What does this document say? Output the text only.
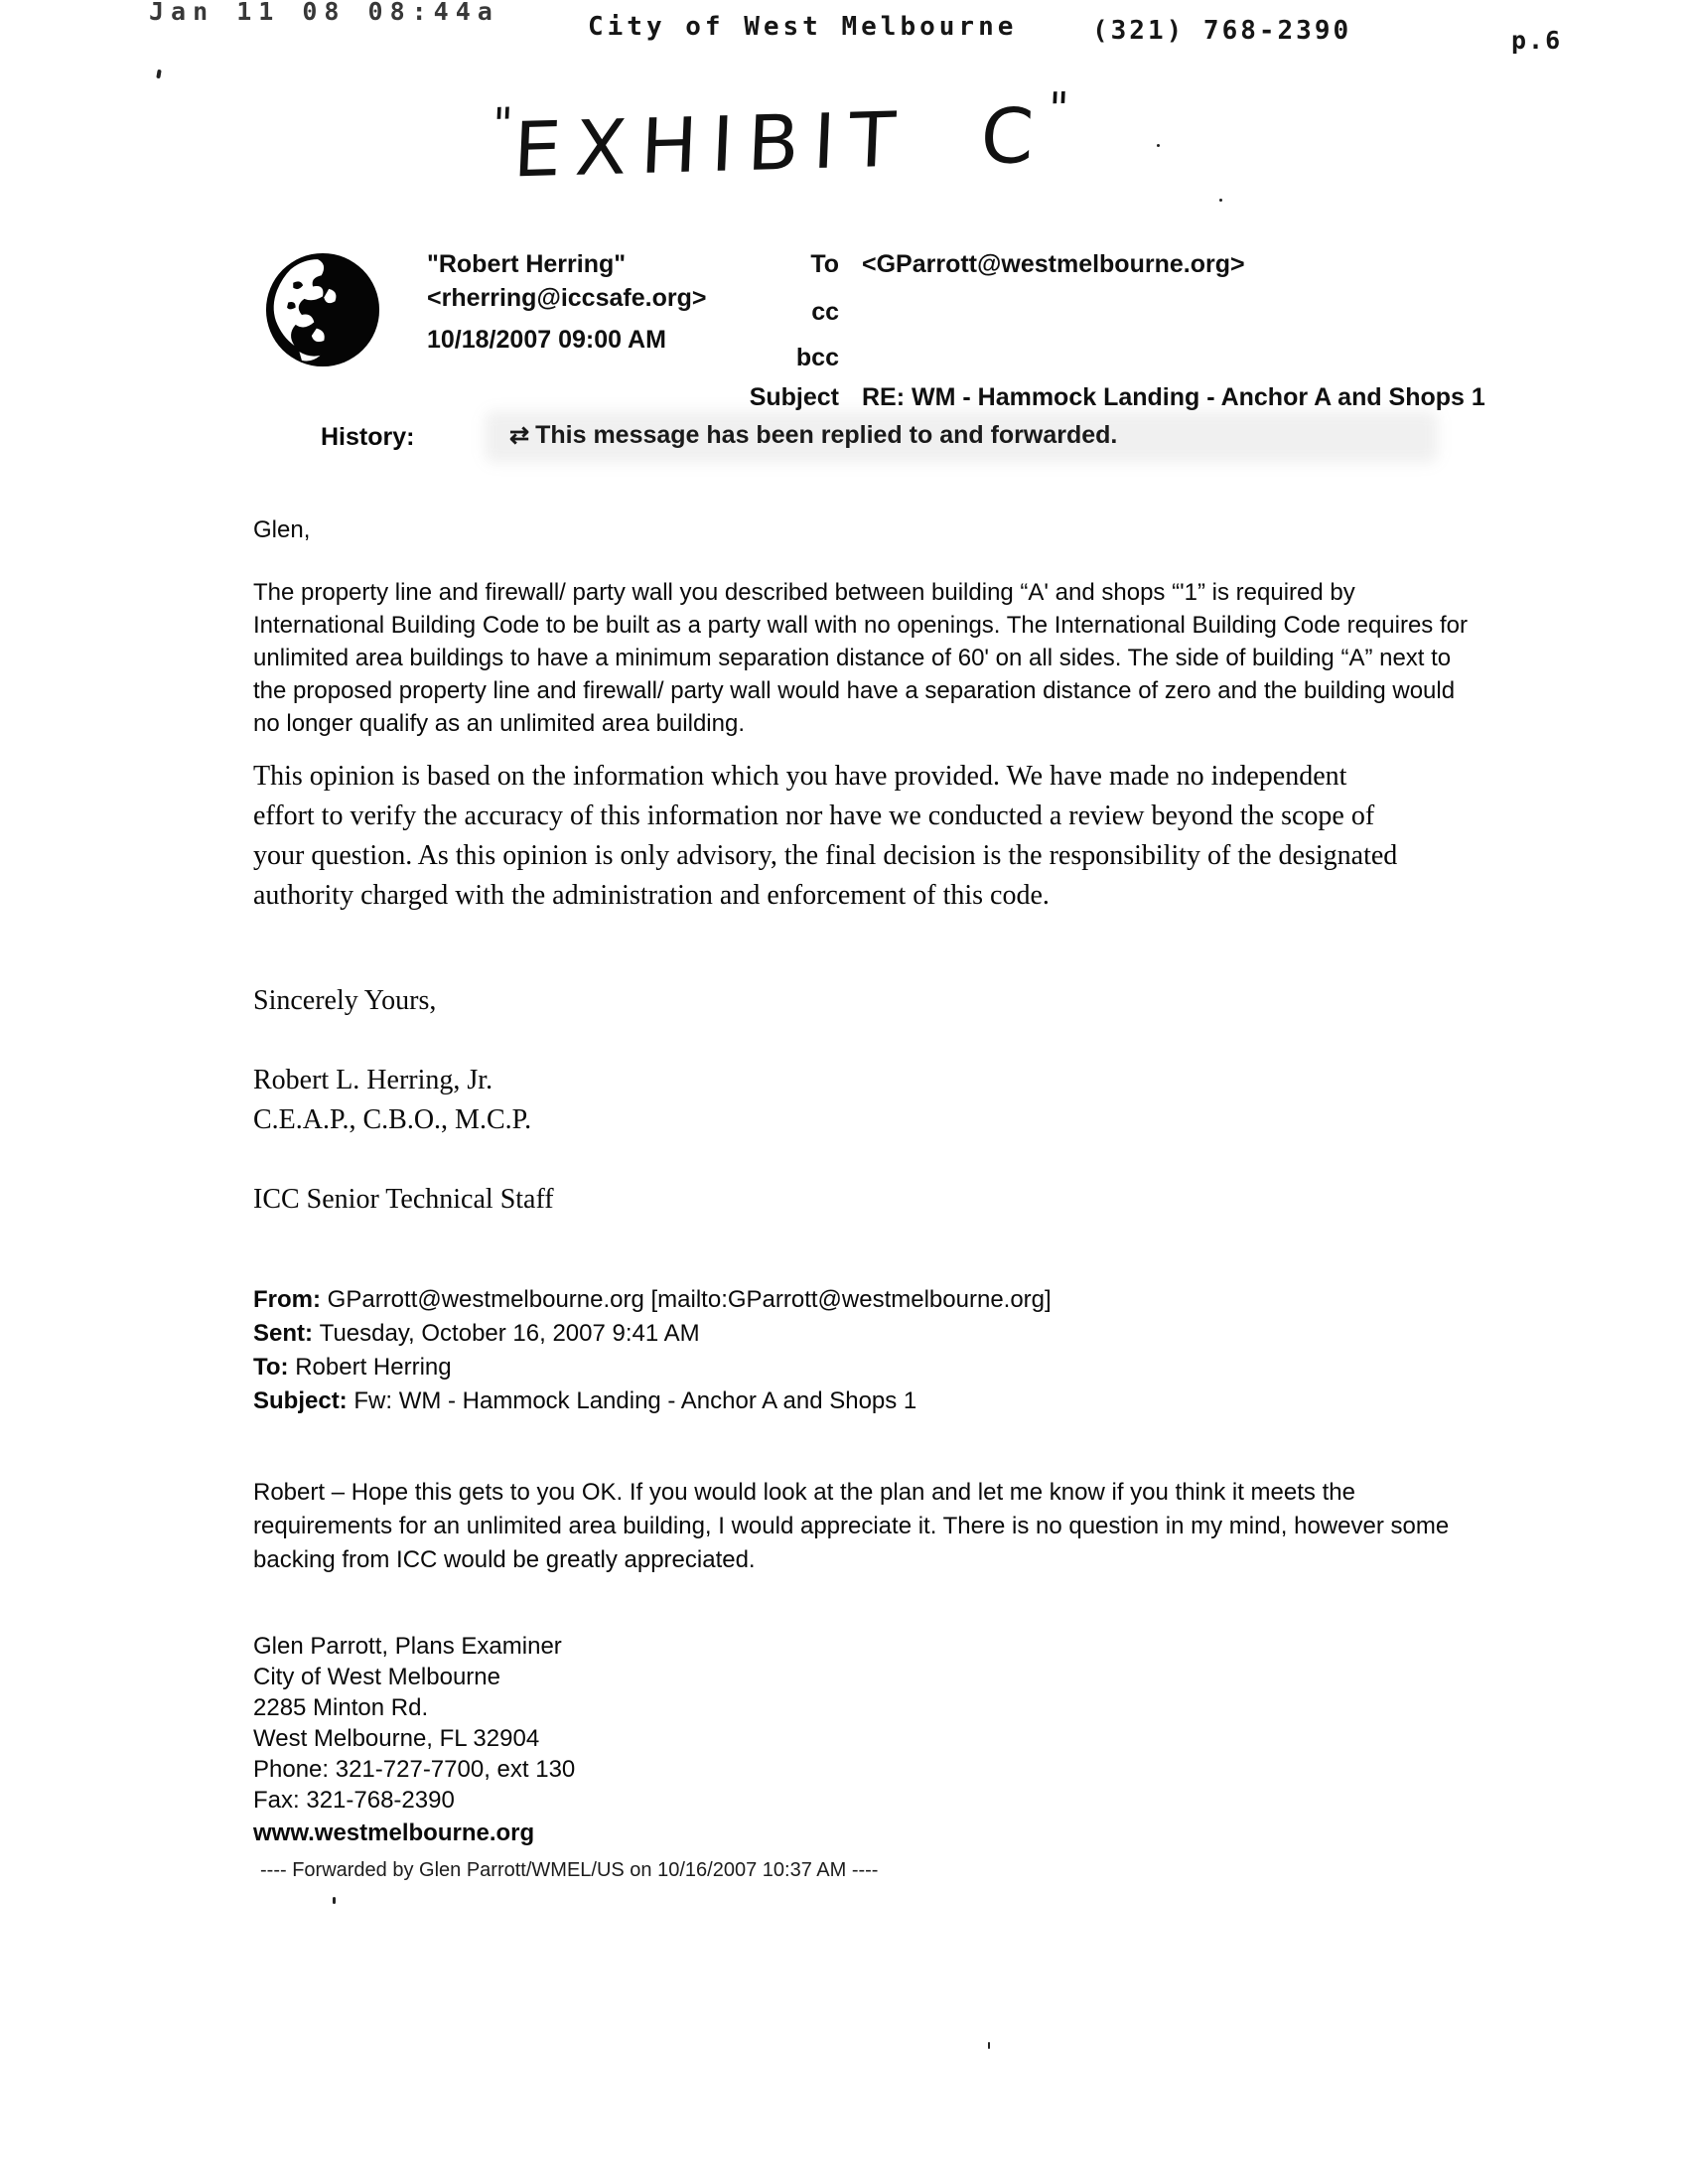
Jan 11 08 08:44a
City of West Melbourne	(321) 768-2390	p.6
"EXHIBIT C"
"Robert Herring"
<rherring@iccsafe.org>
10/18/2007 09:00 AM
To <GParrott@westmelbourne.org>
cc
bcc
Subject RE: WM - Hammock Landing - Anchor A and Shops 1
History:	⇄ This message has been replied to and forwarded.
Glen,
The property line and firewall/ party wall you described between building “A' and shops “'1” is required by International Building Code to be built as a party wall with no openings. The International Building Code requires for unlimited area buildings to have a minimum separation distance of 60' on all sides. The side of building “A” next to the proposed property line and firewall/ party wall would have a separation distance of zero and the building would no longer qualify as an unlimited area building.
This opinion is based on the information which you have provided. We have made no independent effort to verify the accuracy of this information nor have we conducted a review beyond the scope of your question. As this opinion is only advisory, the final decision is the responsibility of the designated authority charged with the administration and enforcement of this code.
Sincerely Yours,
Robert L. Herring, Jr.
C.E.A.P., C.B.O., M.C.P.
ICC Senior Technical Staff
From: GParrott@westmelbourne.org [mailto:GParrott@westmelbourne.org]
Sent: Tuesday, October 16, 2007 9:41 AM
To: Robert Herring
Subject: Fw: WM - Hammock Landing - Anchor A and Shops 1
Robert – Hope this gets to you OK. If you would look at the plan and let me know if you think it meets the requirements for an unlimited area building, I would appreciate it. There is no question in my mind, however some backing from ICC would be greatly appreciated.
Glen Parrott, Plans Examiner
City of West Melbourne
2285 Minton Rd.
West Melbourne, FL 32904
Phone: 321-727-7700, ext 130
Fax: 321-768-2390
www.westmelbourne.org
---- Forwarded by Glen Parrott/WMEL/US on 10/16/2007 10:37 AM ----
